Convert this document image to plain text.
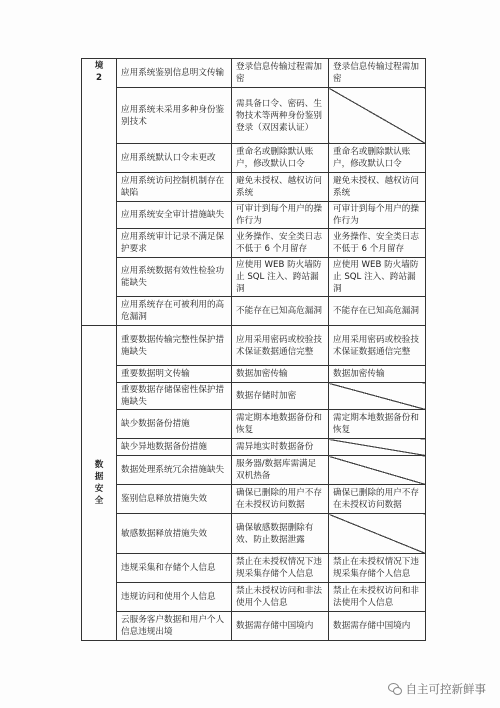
境
2	应用系统鉴别信息明文传输	登录信息传输过程需加密	登录信息传输过程需加密
	应用系统未采用多种身份鉴别技术	需具备口令、密码、生物技术等两种身份鉴别登录（双因素认证）	
	应用系统默认口令未更改	重命名或删除默认账户，修改默认口令	重命名或删除默认账户，修改默认口令
	应用系统访问控制机制存在缺陷	避免未授权、越权访问系统	避免未授权、越权访问系统
	应用系统安全审计措施缺失	可审计到每个用户的操作行为	可审计到每个用户的操作行为
	应用系统审计记录不满足保护要求	业务操作、安全类日志不低于 6 个月留存	业务操作、安全类日志不低于 6 个月留存
	应用系统数据有效性检验功能缺失	应使用 WEB 防火墙防止 SQL 注入、跨站漏洞	应使用 WEB 防火墙防止 SQL 注入、跨站漏洞
	应用系统存在可被利用的高危漏洞	不能存在已知高危漏洞	不能存在已知高危漏洞

数
据
安
全	重要数据传输完整性保护措施缺失	应用采用密码或校验技术保证数据通信完整	应用采用密码或校验技术保证数据通信完整
	重要数据明文传输	数据加密传输	数据加密传输
	重要数据存储保密性保护措施缺失	数据存储时加密	
	缺少数据备份措施	需定期本地数据备份和恢复	需定期本地数据备份和恢复
	缺少异地数据备份措施	需异地实时数据备份	
	数据处理系统冗余措施缺失	服务器/数据库需满足双机热备	
	鉴别信息释放措施失效	确保已删除的用户不存在未授权访问数据	确保已删除的用户不存在未授权访问数据
	敏感数据释放措施失效	确保敏感数据删除有效、防止数据泄露	
	违规采集和存储个人信息	禁止在未授权情况下违规采集存储个人信息	禁止在未授权情况下违规采集存储个人信息
	违规访问和使用个人信息	禁止未授权访问和非法使用个人信息	禁止在未授权访问和非法使用个人信息
	云服务客户数据和用户个人信息违规出境	数据需存储中国境内	数据需存储中国境内
自主可控新鲜事
